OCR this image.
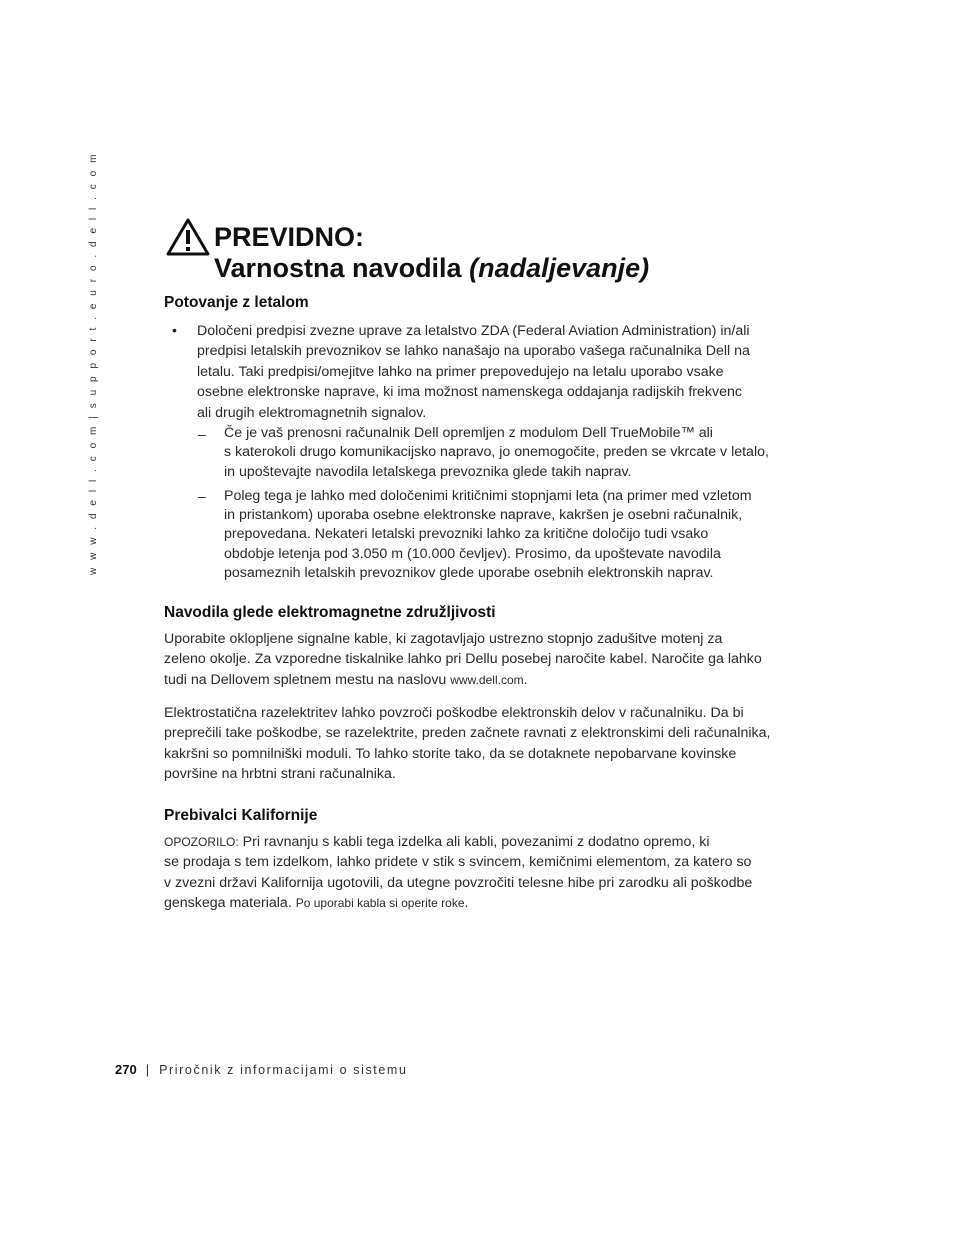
w w w . d e l l . c o m | s u p p o r t . e u r o . d e l l . c o m	PREVIDNO:
Varnostna navodila (nadaljevanje)
Potovanje z letalom
• Določeni predpisi zvezne uprave za letalstvo ZDA (Federal Aviation Administration) in/ali
predpisi letalskih prevoznikov se lahko nanašajo na uporabo vašega računalnika Dell na
letalu. Taki predpisi/omejitve lahko na primer prepovedujejo na letalu uporabo vsake
osebne elektronske naprave, ki ima možnost namenskega oddajanja radijskih frekvenc
ali drugih elektromagnetnih signalov.
– Če je vaš prenosni računalnik Dell opremljen z modulom Dell TrueMobile™ ali
s katerokoli drugo komunikacijsko napravo, jo onemogočite, preden se vkrcate v letalo,
in upoštevajte navodila letalskega prevoznika glede takih naprav.
– Poleg tega je lahko med določenimi kritičnimi stopnjami leta (na primer med vzletom
in pristankom) uporaba osebne elektronske naprave, kakršen je osebni računalnik,
prepovedana. Nekateri letalski prevozniki lahko za kritične določijo tudi vsako
obdobje letenja pod 3.050 m (10.000 čevljev). Prosimo, da upoštevate navodila
posameznih letalskih prevoznikov glede uporabe osebnih elektronskih naprav.
Navodila glede elektromagnetne združljivosti
Uporabite oklopljene signalne kable, ki zagotavljajo ustrezno stopnjo zadušitve motenj za
zeleno okolje. Za vzporedne tiskalnike lahko pri Dellu posebej naročite kabel. Naročite ga lahko
tudi na Dellovem spletnem mestu na naslovu www.dell.com.
Elektrostatična razelektritev lahko povzroči poškodbe elektronskih delov v računalniku. Da bi
preprečili take poškodbe, se razelektrite, preden začnete ravnati z elektronskimi deli računalnika,
kakršni so pomnilniški moduli. To lahko storite tako, da se dotaknete nepobarvane kovinske
površine na hrbtni strani računalnika.
Prebivalci Kalifornije
OPOZORILO: Pri ravnanju s kabli tega izdelka ali kabli, povezanimi z dodatno opremo, ki
se prodaja s tem izdelkom, lahko pridete v stik s svincem, kemičnimi elementom, za katero so
v zvezni državi Kalifornija ugotovili, da utegne povzročiti telesne hibe pri zarodku ali poškodbe
genskega materiala. Po uporabi kabla si operite roke.
270 | Priročnik z informacijami o sistemu
